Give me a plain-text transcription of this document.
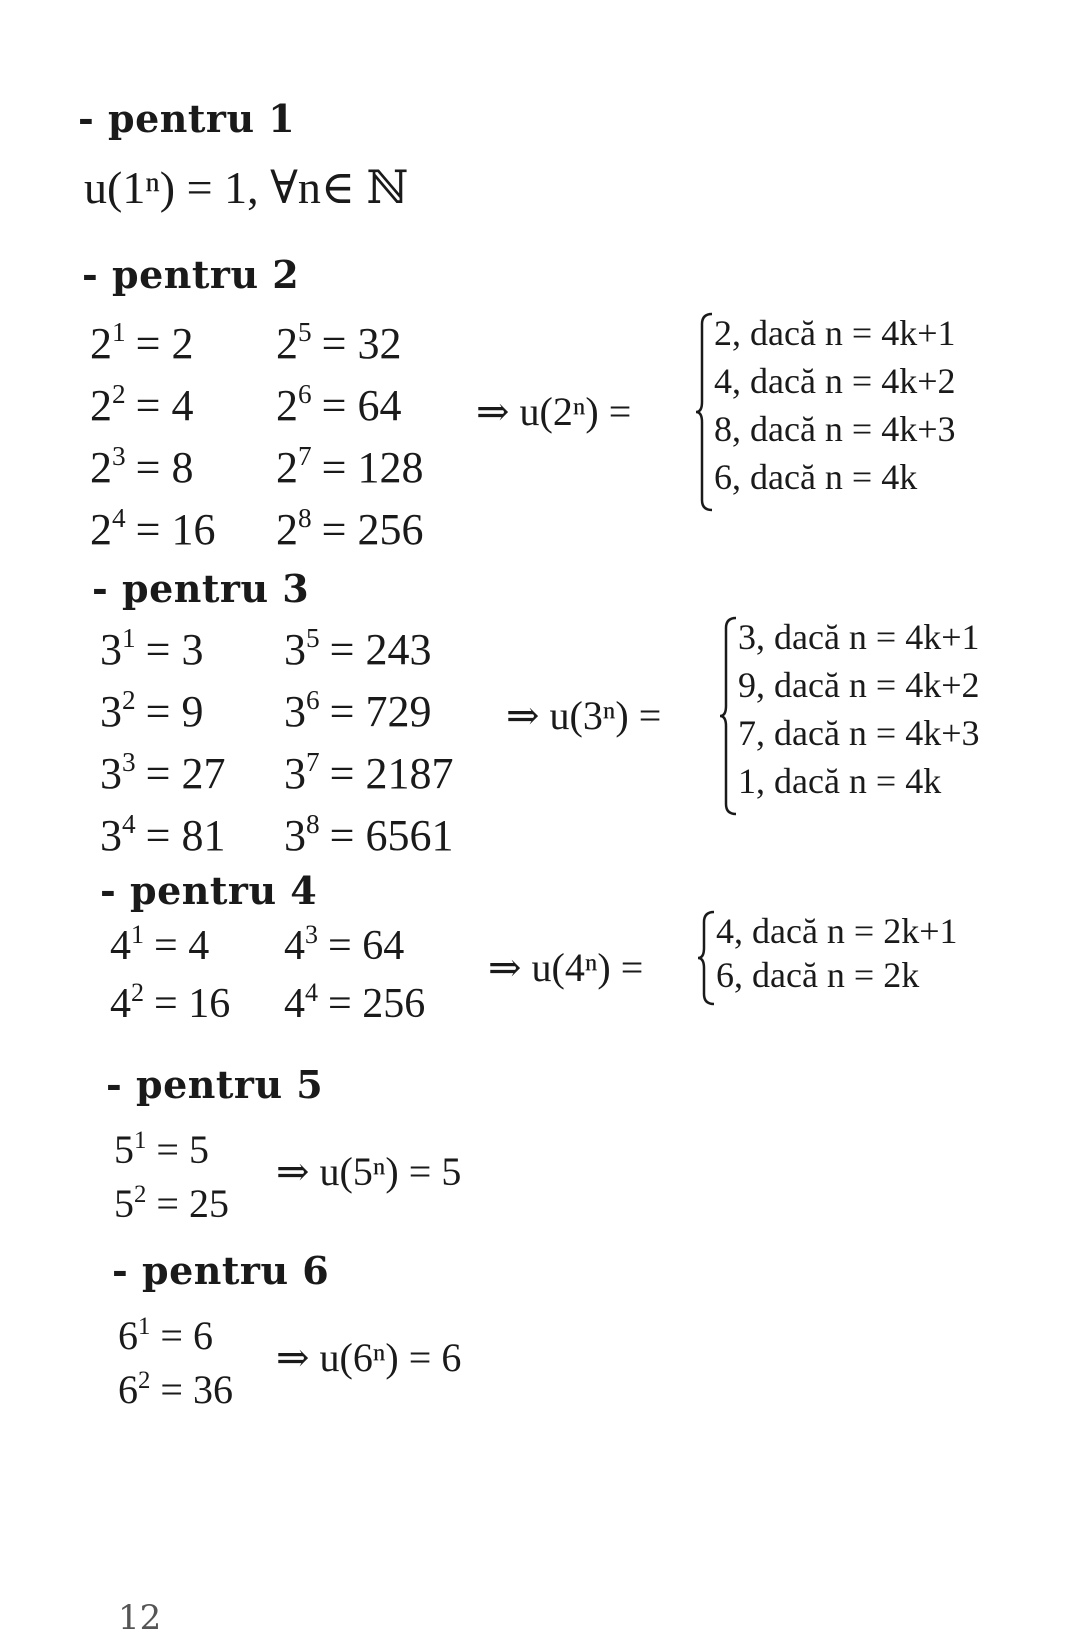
- pentru 1
u(1ⁿ) = 1, ∀n∈ ℕ
- pentru 2
$2^1 = 2$
$2^2 = 4$
$2^3 = 8$
$2^4 = 16$
$2^5 = 32$
$2^6 = 64$
$2^7 = 128$
$2^8 = 256$
⇒ u(2ⁿ) =
2, dacă n = 4k+1
4, dacă n = 4k+2
8, dacă n = 4k+3
6, dacă n = 4k
- pentru 3
$3^1 = 3$
$3^2 = 9$
$3^3 = 27$
$3^4 = 81$
$3^5 = 243$
$3^6 = 729$
$3^7 = 2187$
$3^8 = 6561$
⇒ u(3ⁿ) =
3, dacă n = 4k+1
9, dacă n = 4k+2
7, dacă n = 4k+3
1, dacă n = 4k
- pentru 4
$4^1 = 4$
$4^2 = 16$
$4^3 = 64$
$4^4 = 256$
⇒ u(4ⁿ) =
4, dacă n = 2k+1
6, dacă n = 2k
- pentru 5
$5^1 = 5$
$5^2 = 25$
⇒ u(5ⁿ) = 5
- pentru 6
$6^1 = 6$
$6^2 = 36$
⇒ u(6ⁿ) = 6
12
